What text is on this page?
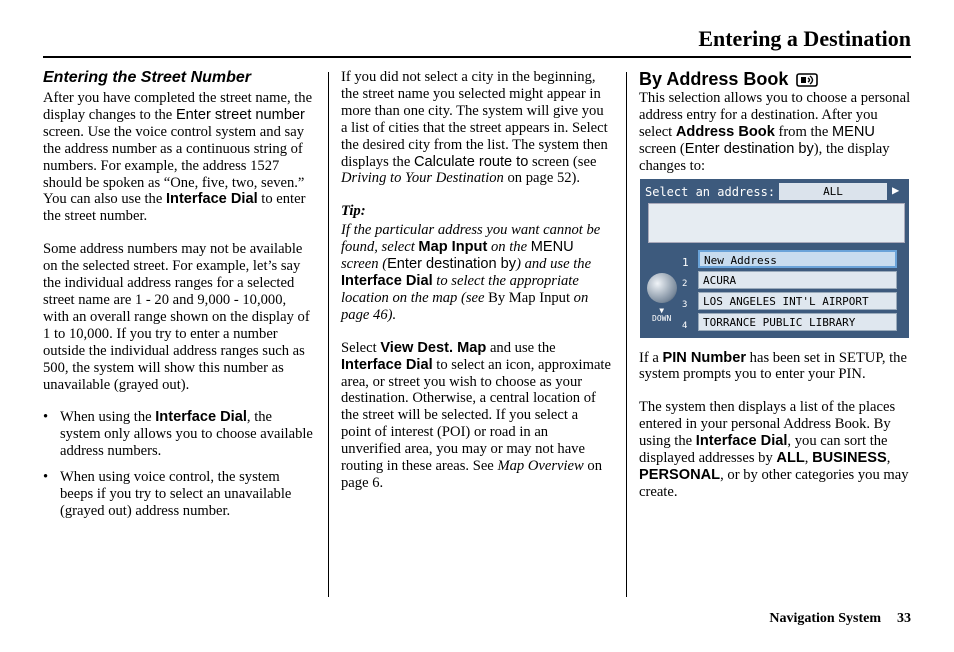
Entering a Destination
Entering the Street Number

After you have completed the street name, the display changes to the Enter street number screen. Use the voice control system and say the address number as a continuous string of numbers. For example, the address 1527 should be spoken as “One, five, two, seven.” You can also use the Interface Dial to enter the street number.

Some address numbers may not be available on the selected street. For example, let’s say the individual address ranges for a selected street name are 1 - 20 and 9,000 - 10,000, with an overall range shown on the display of 1 to 10,000. If you try to enter a number outside the individual address ranges such as 500, the system will show this number as unavailable (grayed out).

• When using the Interface Dial, the system only allows you to choose available address numbers.
• When using voice control, the system beeps if you try to select an unavailable (grayed out) address number.

If you did not select a city in the beginning, the street name you selected might appear in more than one city. The system will give you a list of cities that the street appears in. Select the desired city from the list. The system then displays the Calculate route to screen (see Driving to Your Destination on page 52).

Tip:

If the particular address you want cannot be found, select Map Input on the MENU screen (Enter destination by) and use the Interface Dial to select the appropriate location on the map (see By Map Input on page 46).

Select View Dest. Map and use the Interface Dial to select an icon, approximate area, or street you wish to choose as your destination. Otherwise, a central location of the street will be selected. If you select a point of interest (POI) or road in an unverified area, you may or may not have routing in these areas. See Map Overview on page 6.

By Address Book

This selection allows you to choose a personal address entry for a destination. After you select Address Book from the MENU screen (Enter destination by), the display changes to:

Select an address:	ALL	▶
▼
DOWN
1	New Address
2	ACURA
3	LOS ANGELES INT'L AIRPORT
4	TORRANCE PUBLIC LIBRARY

If a PIN Number has been set in SETUP, the system prompts you to enter your PIN.

The system then displays a list of the places entered in your personal Address Book. By using the Interface Dial, you can sort the displayed addresses by ALL, BUSINESS, PERSONAL, or by other categories you may create.

Navigation System 33
